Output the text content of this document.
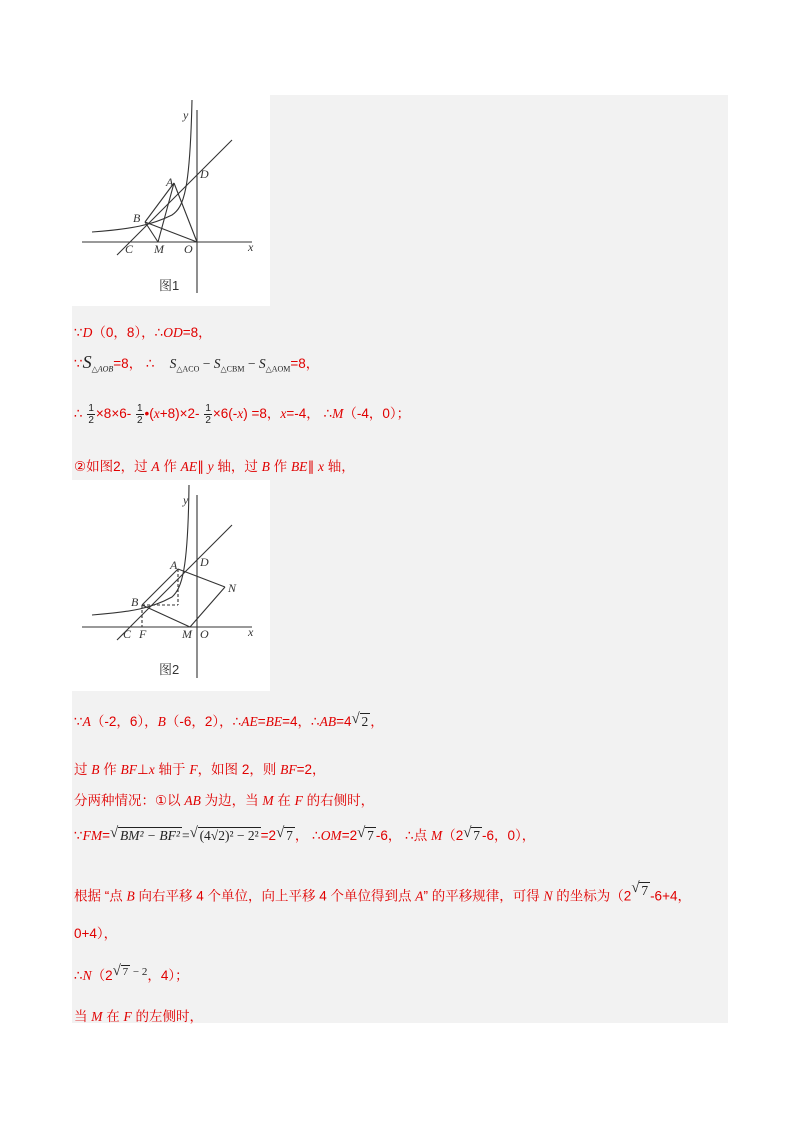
y
x
A
D
B
C M O
图1
∵D（0，8），∴OD=8，
$\because S_{\triangle AOB}=8$， ∴ $S_{\triangle ACO} - S_{\triangle CBM} - S_{\triangle AOM}=8$，
∴ $\frac{1}{2} \times 8\times 6- \frac{1}{2}$ •(x+8)×2- $\frac{1}{2} \times 6(-x) =8$，x=-4， ∴M（-4，0）；
②如图2，过 A 作 AE∥ y 轴，过 B 作 BE∥ x 轴，
y
x
A D
N
B
C F	M O
图2
∵A（-2，6），B（-6，2），∴AE=BE=4，∴AB=4 √ 2 ，
过 B 作 BF⊥x 轴于 F，如图 2，则 BF=2，
分两种情况：①以 AB 为边，当 M 在 F 的右侧时，
∵FM= √ BM² − BF² = √ (4√2)² − 2² =2 √ 7 ， ∴OM=2 √ 7 -6， ∴点 M（2 √ 7 -6，0），
根据 “点 B 向右平移 4 个单位，向上平移 4 个单位得到点 A” 的平移规律，可得 N 的坐标为（2 √ 7 -6+4，
0+4），
∴N（2 $^{√ 7 - 2}$，4）；
当 M 在 F 的左侧时，
